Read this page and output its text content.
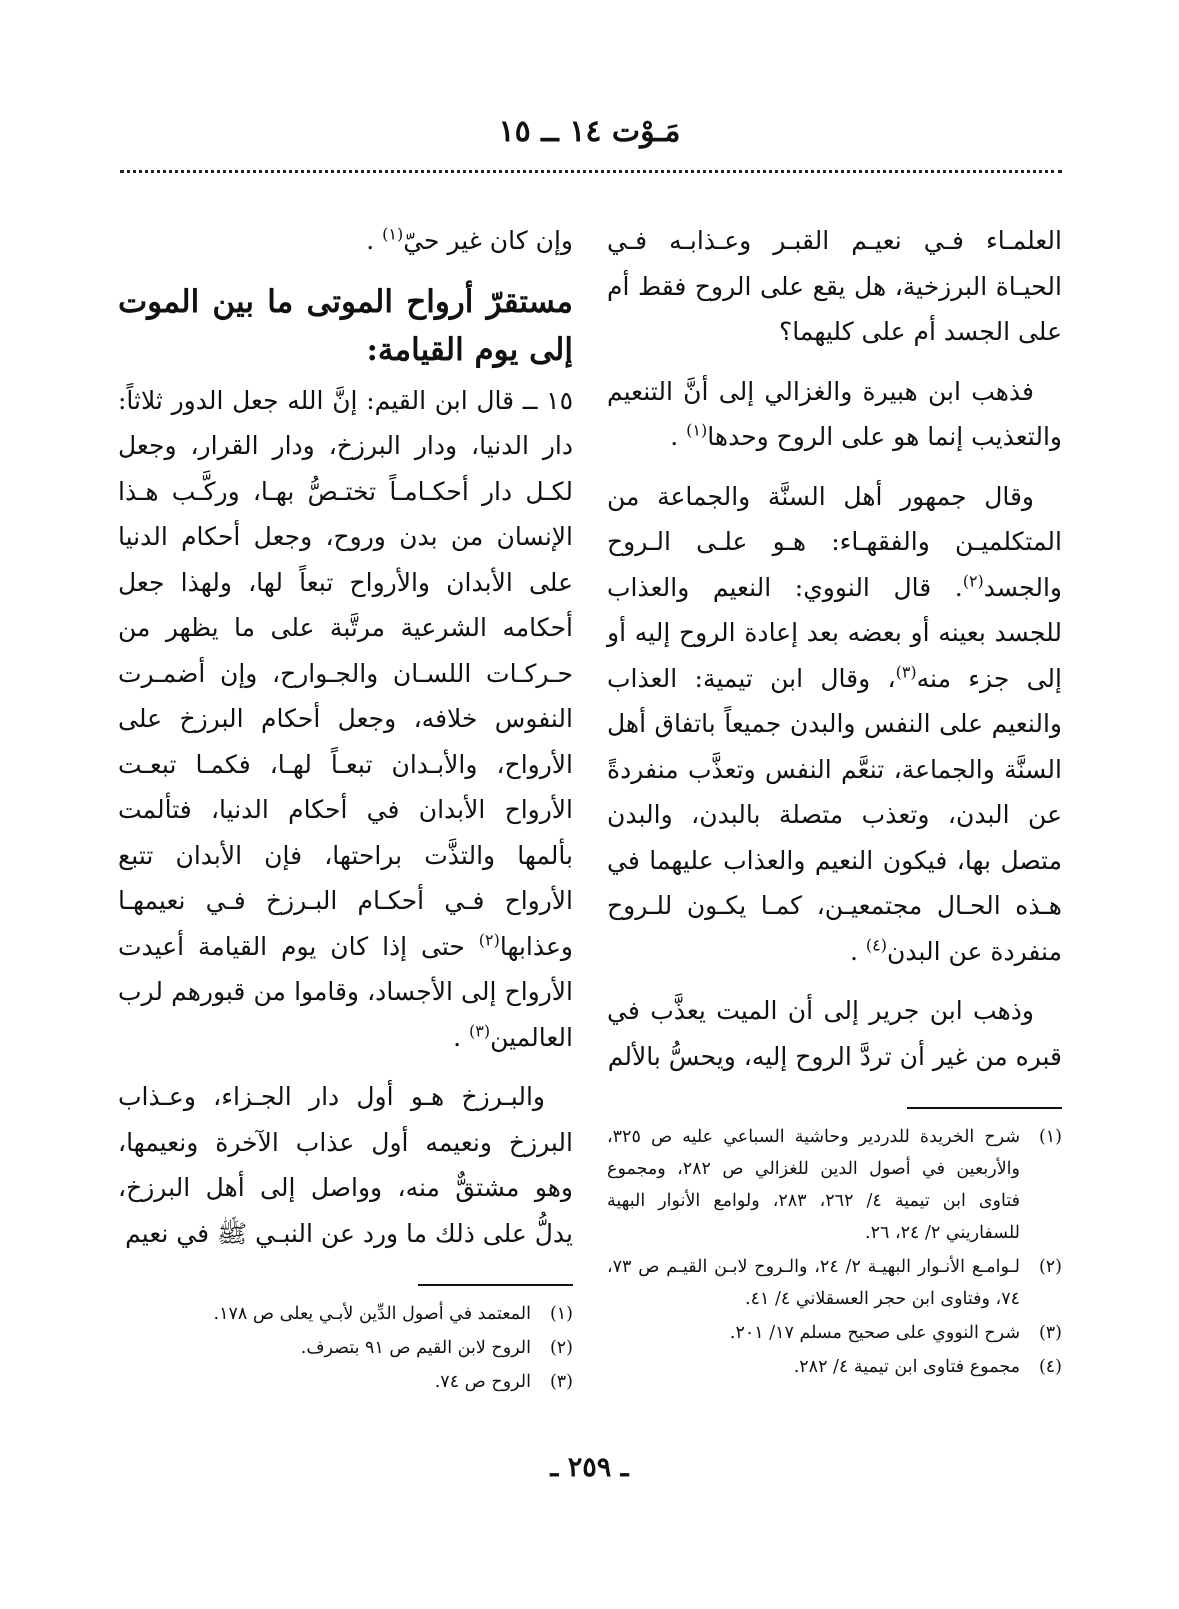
مَـوْت ١٤ ــ ١٥

العلمـاء فـي نعيـم القبـر وعـذابـه فـي الحيـاة البرزخية، هل يقع على الروح فقط أم على الجسد أم على كليهما؟

فذهب ابن هبيرة والغزالي إلى أنَّ التنعيم والتعذيب إنما هو على الروح وحدها$^{(١)}$ .

وقال جمهور أهل السنَّة والجماعة من المتكلميـن والفقهـاء: هـو علـى الـروح والجسد$^{(٢)}$. قال النووي: النعيم والعذاب للجسد بعينه أو بعضه بعد إعادة الروح إليه أو إلى جزء منه$^{(٣)}$، وقال ابن تيمية: العذاب والنعيم على النفس والبدن جميعاً باتفاق أهل السنَّة والجماعة، تنعَّم النفس وتعذَّب منفردةً عن البدن، وتعذب متصلة بالبدن، والبدن متصل بها، فيكون النعيم والعذاب عليهما في هـذه الحـال مجتمعيـن، كمـا يكـون للـروح منفردة عن البدن$^{(٤)}$ .

وذهب ابن جرير إلى أن الميت يعذَّب في قبره من غير أن تردَّ الروح إليه، ويحسُّ بالألم

(١)شرح الخريدة للدردير وحاشية السباعي عليه ص ٣٢٥، والأربعين في أصول الدين للغزالي ص ٢٨٢، ومجموع فتاوى ابن تيمية ٤/ ٢٦٢، ٢٨٣، ولوامع الأنوار البهية للسفاريني ٢/ ٢٤، ٢٦.
(٢)لـوامـع الأنـوار البهيـة ٢/ ٢٤، والـروح لابـن القيـم ص ٧٣، ٧٤، وفتاوى ابن حجر العسقلاني ٤/ ٤١.
(٣)شرح النووي على صحيح مسلم ١٧/ ٢٠١.
(٤)مجموع فتاوى ابن تيمية ٤/ ٢٨٢.

وإن كان غير حيّ$^{(١)}$ .

مستقرّ أرواح الموتى ما بين الموت إلى يوم القيامة:

١٥ ــ قال ابن القيم: إنَّ الله جعل الدور ثلاثاً: دار الدنيا، ودار البرزخ، ودار القرار، وجعل لكـل دار أحكـامـاً تختـصُّ بهـا، وركَّـب هـذا الإنسان من بدن وروح، وجعل أحكام الدنيا على الأبدان والأرواح تبعاً لها، ولهذا جعل أحكامه الشرعية مرتَّبة على ما يظهر من حـركـات اللسـان والجـوارح، وإن أضمـرت النفوس خلافه، وجعل أحكام البرزخ على الأرواح، والأبـدان تبعـاً لهـا، فكمـا تبعـت الأرواح الأبدان في أحكام الدنيا، فتألمت بألمها والتذَّت براحتها، فإن الأبدان تتبع الأرواح فـي أحكـام البـرزخ فـي نعيمهـا وعذابها$^{(٢)}$ حتى إذا كان يوم القيامة أعيدت الأرواح إلى الأجساد، وقاموا من قبورهم لرب العالمين$^{(٣)}$ .

والبـرزخ هـو أول دار الجـزاء، وعـذاب البرزخ ونعيمه أول عذاب الآخرة ونعيمها، وهو مشتقٌّ منه، وواصل إلى أهل البرزخ، يدلُّ على ذلك ما ورد عن النبـي ﷺ في نعيم

(١)المعتمد في أصول الدِّين لأبـي يعلى ص ١٧٨.
(٢)الروح لابن القيم ص ٩١ بتصرف.
(٣)الروح ص ٧٤.
ـ ٢٥٩ ـ
